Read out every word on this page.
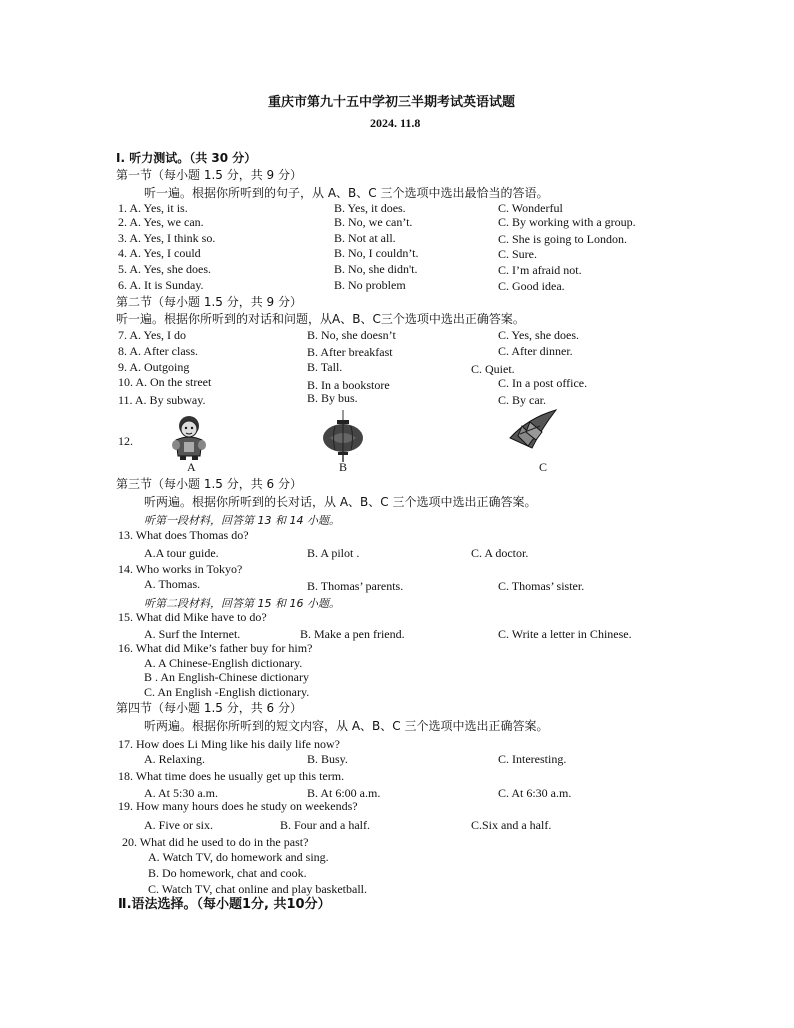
重庆市第九十五中学初三半期考试英语试题
2024. 11.8
I. 听力测试。（共 30 分）
第一节（每小题 1.5 分，共 9 分）
听一遍。根据你所听到的句子，从 A、B、C 三个选项中选出最恰当的答语。
1. A. Yes, it is.	B. Yes, it does.	C. Wonderful
2. A. Yes, we can.	B. No, we can’t.	C. By working with a group.
3. A. Yes, I think so.	B. Not at all.	C. She is going to London.
4. A. Yes, I could	B. No, I couldn’t.	C. Sure.
5. A. Yes, she does.	B. No, she didn't.	C. I’m afraid not.
6. A. It is Sunday.	B. No problem	C. Good idea.
第二节（每小题 1.5 分，共 9 分）
听一遍。根据你所听到的对话和问题，从A、B、C三个选项中选出正确答案。
7. A. Yes, I do	B. No, she doesn’t	C. Yes, she does.
8. A. After class.	B. After breakfast	C. After dinner.
9. A. Outgoing	B. Tall.	C. Quiet.
10. A. On the street	B. In a bookstore	C. In a post office.
11. A. By subway.	B. By bus.	C. By car.
12.
A	B	C
第三节（每小题 1.5 分，共 6 分）
听两遍。根据你所听到的长对话，从 A、B、C 三个选项中选出正确答案。
听第一段材料，回答第 13 和 14 小题。
13. What does Thomas do?
A.A tour guide.	B. A pilot .	C. A doctor.
14. Who works in Tokyo?
A. Thomas.	B. Thomas’ parents.	C. Thomas’ sister.
听第二段材料，回答第 15 和 16 小题。
15. What did Mike have to do?
A. Surf the Internet.	B. Make a pen friend.	C. Write a letter in Chinese.
16. What did Mike’s father buy for him?
A. A Chinese-English dictionary.
B . An English-Chinese dictionary
C. An English -English dictionary.
第四节（每小题 1.5 分，共 6 分）
听两遍。根据你所听到的短文内容，从 A、B、C 三个选项中选出正确答案。
17. How does Li Ming like his daily life now?
A. Relaxing.	B. Busy.	C. Interesting.
18. What time does he usually get up this term.
A. At 5:30 a.m.	B. At 6:00 a.m.	C. At 6:30 a.m.
19. How many hours does he study on weekends?
A. Five or six.	B. Four and a half.	C.Six and a half.
20. What did he used to do in the past?
A. Watch TV, do homework and sing.
B. Do homework, chat and cook.
C. Watch TV, chat online and play basketball.
Ⅱ.语法选择。（每小题1分, 共10分）
